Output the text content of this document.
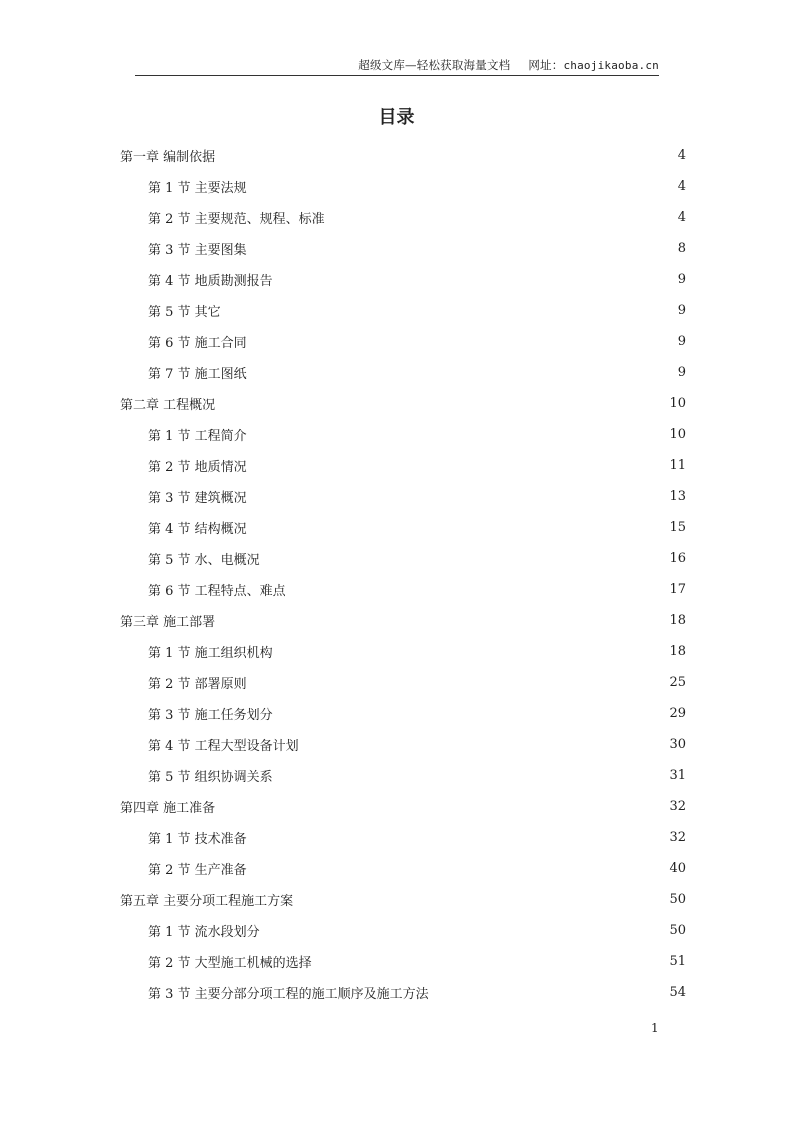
超级文库—轻松获取海量文档 网址：chaojikaoba.cn
目录
第一章 编制依据	4
第 1 节 主要法规	4
第 2 节 主要规范、规程、标准	4
第 3 节 主要图集	8
第 4 节 地质勘测报告	9
第 5 节 其它	9
第 6 节 施工合同	9
第 7 节 施工图纸	9
第二章 工程概况	10
第 1 节 工程简介	10
第 2 节 地质情况	11
第 3 节 建筑概况	13
第 4 节 结构概况	15
第 5 节 水、电概况	16
第 6 节 工程特点、难点	17
第三章 施工部署	18
第 1 节 施工组织机构	18
第 2 节 部署原则	25
第 3 节 施工任务划分	29
第 4 节 工程大型设备计划	30
第 5 节 组织协调关系	31
第四章 施工准备	32
第 1 节 技术准备	32
第 2 节 生产准备	40
第五章 主要分项工程施工方案	50
第 1 节 流水段划分	50
第 2 节 大型施工机械的选择	51
第 3 节 主要分部分项工程的施工顺序及施工方法	54
1
